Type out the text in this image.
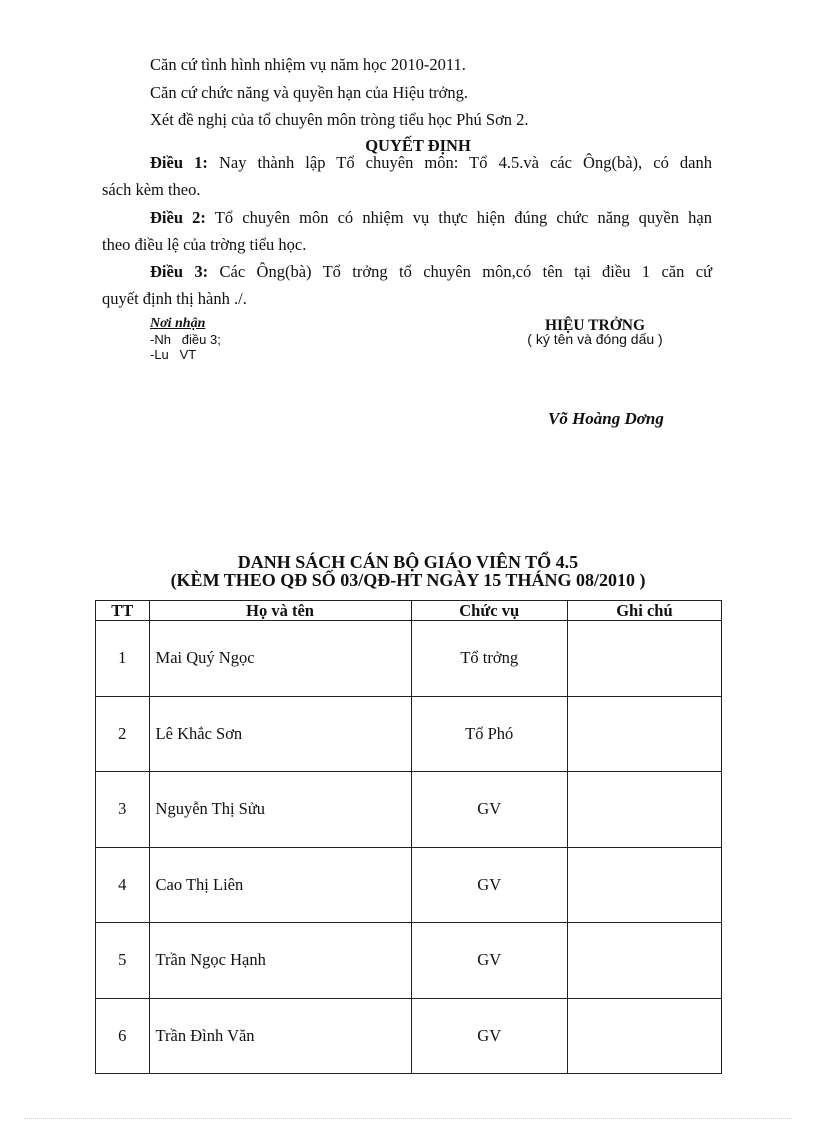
Căn cứ tình hình nhiệm vụ năm học 2010-2011.
Căn cứ chức năng và quyền hạn của Hiệu trởng.
Xét đề nghị của tổ chuyên môn tròng tiểu học Phú Sơn 2.
QUYẾT ĐỊNH
Điều 1: Nay thành lập Tổ chuyên môn: Tổ 4.5.và các Ông(bà), có danh
sách kèm theo.
Điều 2: Tổ chuyên môn có nhiệm vụ thực hiện đúng chức năng quyền hạn
theo điều lệ của trờng tiểu học.
Điều 3: Các Ông(bà) Tổ trởng tổ chuyên môn,có tên tại điều 1 căn cứ
quyết định thị hành ./.
Nơi nhận
-Nh   điều 3;
-Lu   VT
HIỆU TRỞNG
( ký tên và đóng dấu )
Võ Hoàng Dơng
DANH SÁCH CÁN BỘ GIÁO VIÊN TỔ 4.5
(KÈM THEO QĐ SỐ 03/QĐ-HT NGÀY 15 THÁNG 08/2010 )
TT	Họ và tên	Chức vụ	Ghi chú
1	Mai Quý Ngọc	Tổ trởng	
2	Lê Khắc Sơn	Tổ Phó	
3	Nguyễn Thị Sửu	GV	
4	Cao Thị Liên	GV	
5	Trần Ngọc Hạnh	GV	
6	Trần Đình Văn	GV	
